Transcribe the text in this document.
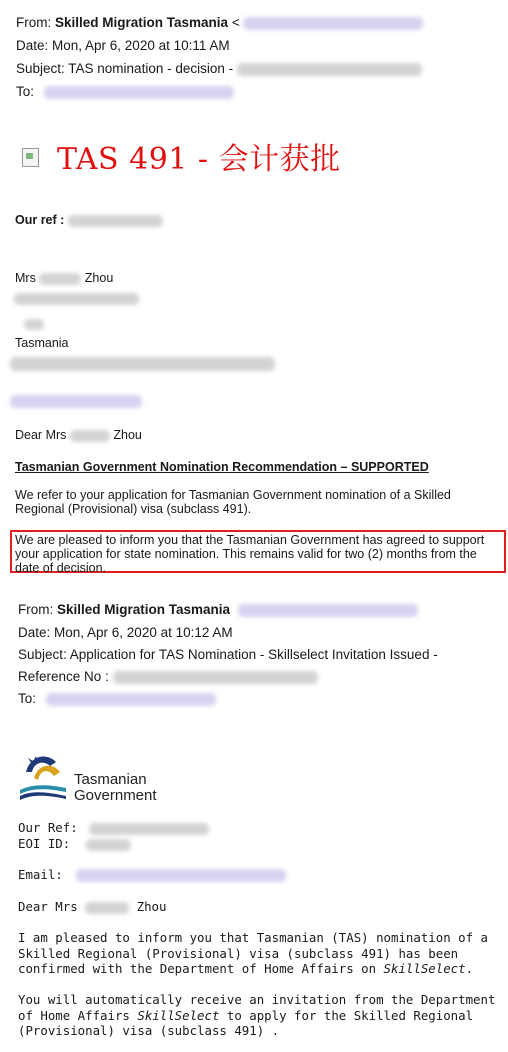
From: Skilled Migration Tasmania <
Date: Mon, Apr 6, 2020 at 10:11 AM
Subject: TAS nomination - decision -
To:
TAS 491 - 会计获批
Our ref :
Mrs	Zhou
Tasmania
Dear Mrs	Zhou
Tasmanian Government Nomination Recommendation – SUPPORTED
We refer to your application for Tasmanian Government nomination of a Skilled Regional (Provisional) visa (subclass 491).
We are pleased to inform you that the Tasmanian Government has agreed to support your application for state nomination. This remains valid for two (2) months from the date of decision.
From: Skilled Migration Tasmania
Date: Mon, Apr 6, 2020 at 10:12 AM
Subject: Application for TAS Nomination - Skillselect Invitation Issued -
Reference No :
To:
Tasmanian
Government
Our Ref:
EOI ID:
Email:
Dear Mrs	Zhou
I am pleased to inform you that Tasmanian (TAS) nomination of a Skilled Regional (Provisional) visa (subclass 491) has been confirmed with the Department of Home Affairs on SkillSelect.
You will automatically receive an invitation from the Department of Home Affairs SkillSelect to apply for the Skilled Regional (Provisional) visa (subclass 491) .
